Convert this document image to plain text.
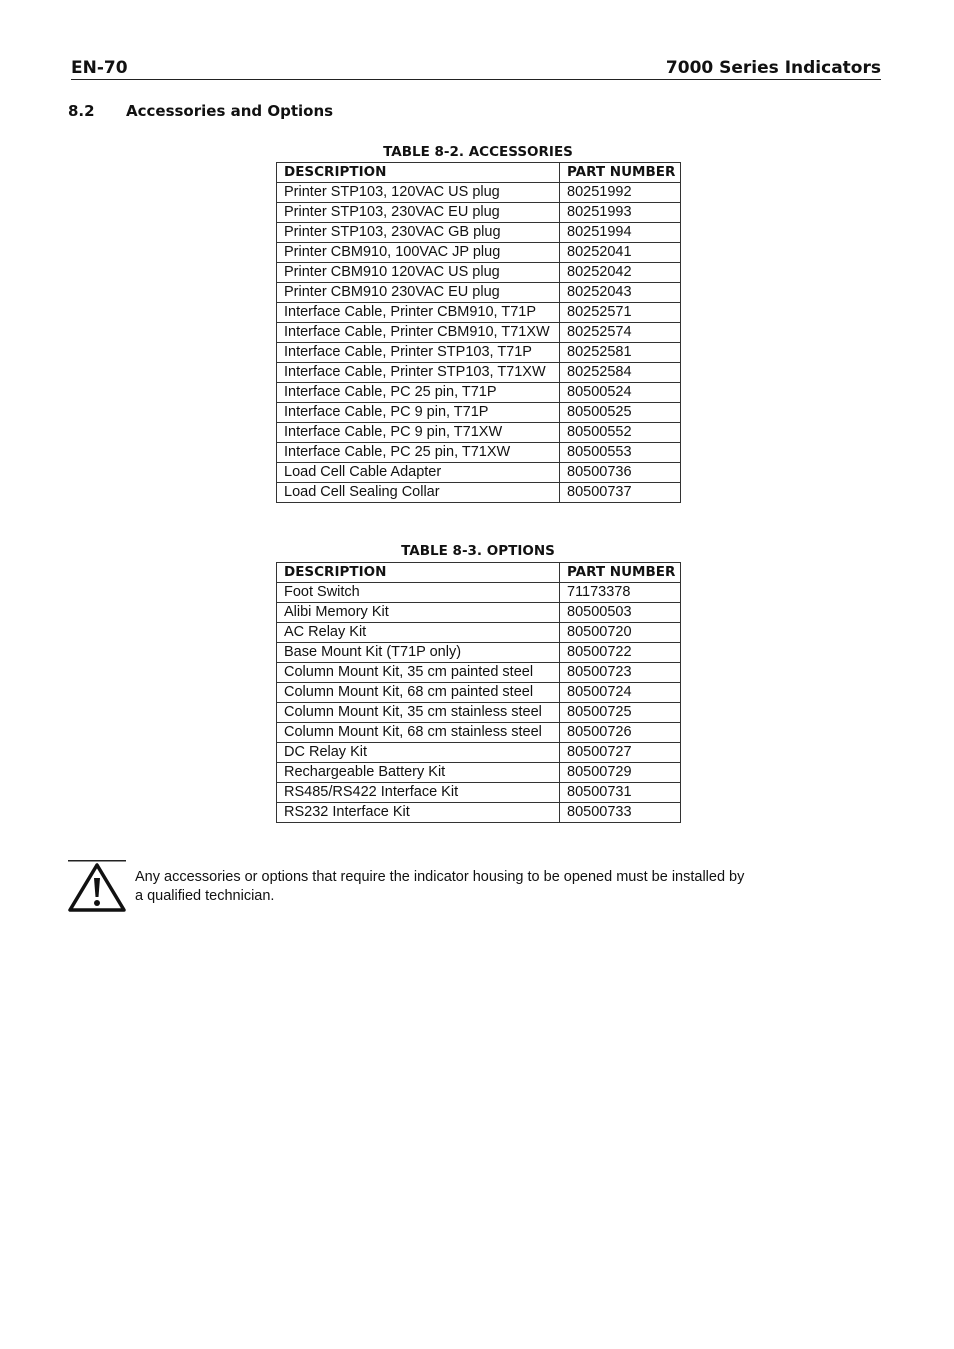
EN-70	7000 Series Indicators
8.2 Accessories and Options
TABLE 8-2. ACCESSORIES
DESCRIPTION	PART NUMBER
Printer STP103, 120VAC US plug	80251992
Printer STP103, 230VAC EU plug	80251993
Printer STP103, 230VAC GB plug	80251994
Printer CBM910, 100VAC JP plug	80252041
Printer CBM910 120VAC US plug	80252042
Printer CBM910 230VAC EU plug	80252043
Interface Cable, Printer CBM910, T71P	80252571
Interface Cable, Printer CBM910, T71XW	80252574
Interface Cable, Printer STP103, T71P	80252581
Interface Cable, Printer STP103, T71XW	80252584
Interface Cable, PC 25 pin, T71P	80500524
Interface Cable, PC 9 pin, T71P	80500525
Interface Cable, PC 9 pin, T71XW	80500552
Interface Cable, PC 25 pin, T71XW	80500553
Load Cell Cable Adapter	80500736
Load Cell Sealing Collar	80500737
TABLE 8-3. OPTIONS
DESCRIPTION	PART NUMBER
Foot Switch	71173378
Alibi Memory Kit	80500503
AC Relay Kit	80500720
Base Mount Kit (T71P only)	80500722
Column Mount Kit, 35 cm painted steel	80500723
Column Mount Kit, 68 cm painted steel	80500724
Column Mount Kit, 35 cm stainless steel	80500725
Column Mount Kit, 68 cm stainless steel	80500726
DC Relay Kit	80500727
Rechargeable Battery Kit	80500729
RS485/RS422 Interface Kit	80500731
RS232 Interface Kit	80500733
Any accessories or options that require the indicator housing to be opened must be installed by a qualified technician.
